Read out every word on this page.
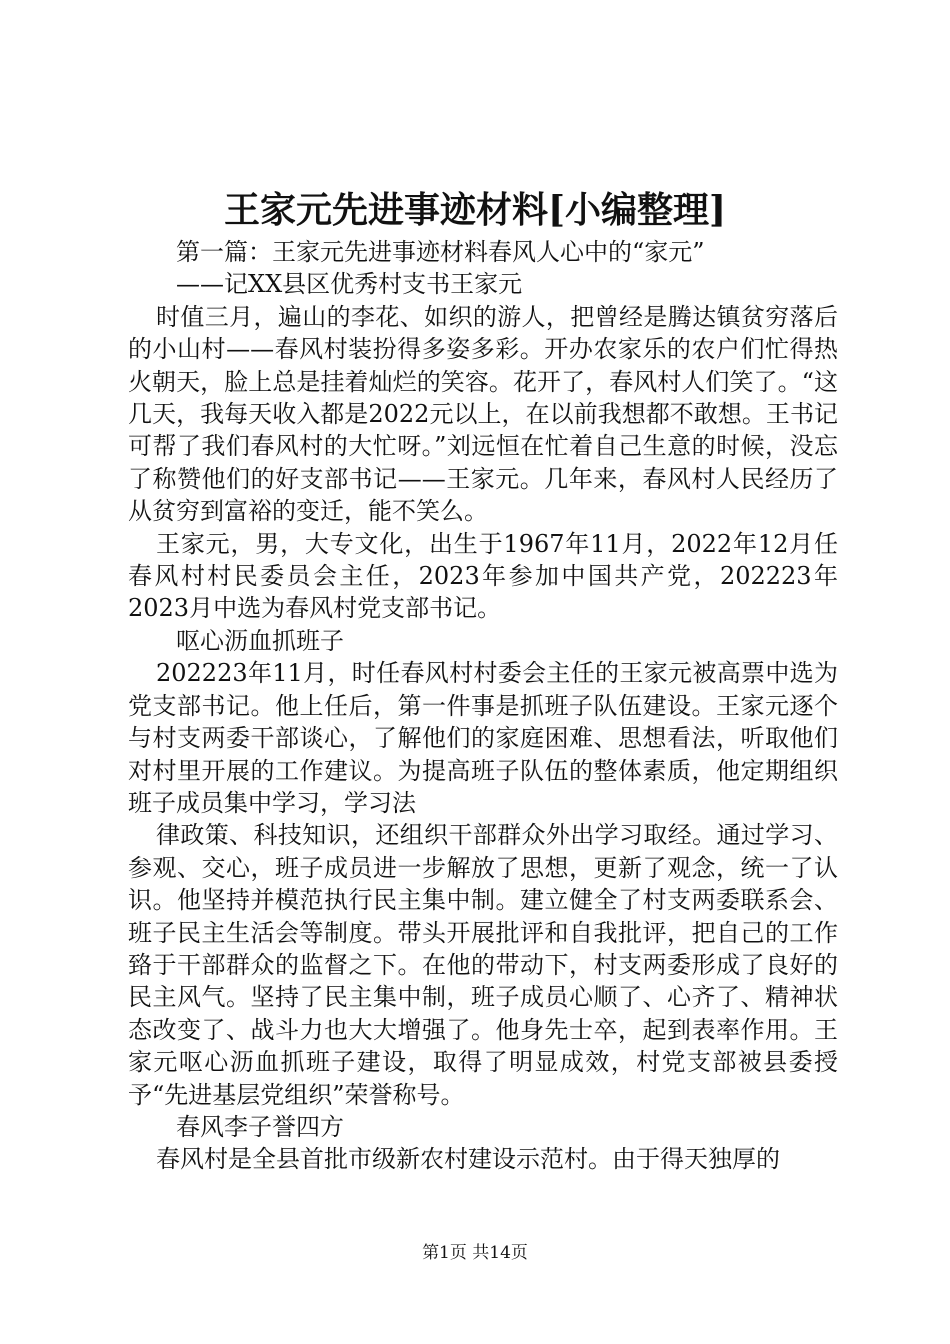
王家元先进事迹材料[小编整理]

第一篇：王家元先进事迹材料春风人心中的“家元”

——记XX县区优秀村支书王家元

时值三月，遍山的李花、如织的游人，把曾经是腾达镇贫穷落后的小山村——春风村装扮得多姿多彩。开办农家乐的农户们忙得热火朝天，脸上总是挂着灿烂的笑容。花开了，春风村人们笑了。“这几天，我每天收入都是2022元以上，在以前我想都不敢想。王书记可帮了我们春风村的大忙呀。”刘远恒在忙着自己生意的时候，没忘了称赞他们的好支部书记——王家元。几年来，春风村人民经历了从贫穷到富裕的变迁，能不笑么。

王家元，男，大专文化，出生于1967年11月，2022年12月任春风村村民委员会主任，2023年参加中国共产党，202223年2023月中选为春风村党支部书记。

呕心沥血抓班子

202223年11月，时任春风村村委会主任的王家元被高票中选为党支部书记。他上任后，第一件事是抓班子队伍建设。王家元逐个与村支两委干部谈心，了解他们的家庭困难、思想看法，听取他们对村里开展的工作建议。为提高班子队伍的整体素质，他定期组织班子成员集中学习，学习法

律政策、科技知识，还组织干部群众外出学习取经。通过学习、参观、交心，班子成员进一步解放了思想，更新了观念，统一了认识。他坚持并模范执行民主集中制。建立健全了村支两委联系会、班子民主生活会等制度。带头开展批评和自我批评，把自己的工作臵于干部群众的监督之下。在他的带动下，村支两委形成了良好的民主风气。坚持了民主集中制，班子成员心顺了、心齐了、精神状态改变了、战斗力也大大增强了。他身先士卒，起到表率作用。王家元呕心沥血抓班子建设，取得了明显成效，村党支部被县委授予“先进基层党组织”荣誉称号。

春风李子誉四方

春风村是全县首批市级新农村建设示范村。由于得天独厚的

第1页 共14页
